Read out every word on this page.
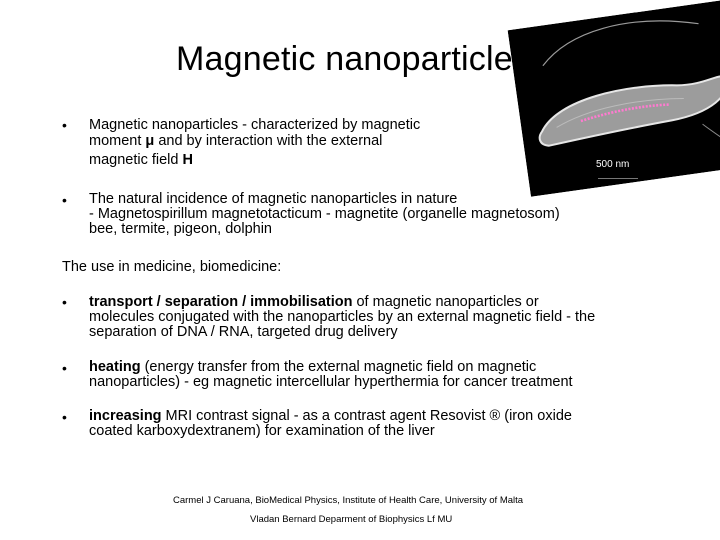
500 nm
Magnetic nanoparticles
• Magnetic nanoparticles - characterized by magnetic
moment μ and by interaction with the external
magnetic field H
• The natural incidence of magnetic nanoparticles in nature
- Magnetospirillum magnetotacticum - magnetite (organelle magnetosom)
bee, termite, pigeon, dolphin
The use in medicine, biomedicine:
• transport / separation / immobilisation of magnetic nanoparticles or
molecules conjugated with the nanoparticles by an external magnetic field - the
separation of DNA / RNA, targeted drug delivery
• heating (energy transfer from the external magnetic field on magnetic
nanoparticles) - eg magnetic intercellular hyperthermia for cancer treatment
• increasing MRI contrast signal - as a contrast agent Resovist ® (iron oxide
coated karboxydextranem) for examination of the liver
Carmel J Caruana, BioMedical Physics, Institute of Health Care, University of Malta
Vladan Bernard Deparment of Biophysics Lf MU
